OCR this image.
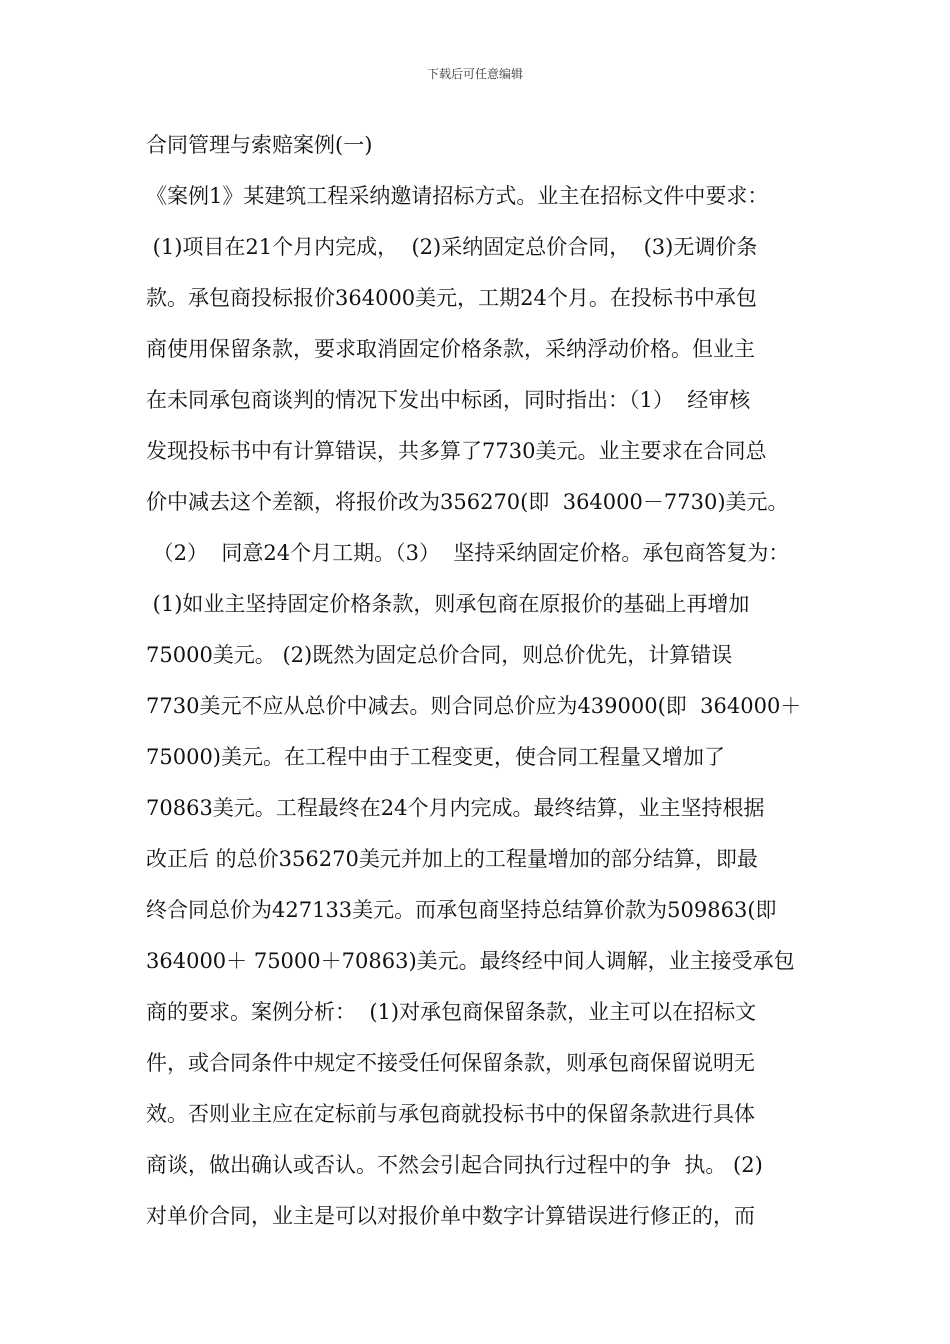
下载后可任意编辑
合同管理与索赔案例(一)
《案例1》某建筑工程采纳邀请招标方式。业主在招标文件中要求：
(1)项目在21个月内完成，  (2)采纳固定总价合同，  (3)无调价条
款。承包商投标报价364000美元，工期24个月。在投标书中承包
商使用保留条款，要求取消固定价格条款，采纳浮动价格。但业主
在未同承包商谈判的情况下发出中标函，同时指出：（1）  经审核
发现投标书中有计算错误，共多算了7730美元。业主要求在合同总
价中减去这个差额，将报价改为356270(即  364000－7730)美元。
（2）  同意24个月工期。（3）  坚持采纳固定价格。承包商答复为：
(1)如业主坚持固定价格条款，则承包商在原报价的基础上再增加
75000美元。 (2)既然为固定总价合同，则总价优先，计算错误
7730美元不应从总价中减去。则合同总价应为439000(即  364000＋
75000)美元。在工程中由于工程变更，使合同工程量又增加了
70863美元。工程最终在24个月内完成。最终结算，业主坚持根据
改正后 的总价356270美元并加上的工程量增加的部分结算，即最
终合同总价为427133美元。而承包商坚持总结算价款为509863(即
364000＋ 75000＋70863)美元。最终经中间人调解，业主接受承包
商的要求。案例分析：  (1)对承包商保留条款，业主可以在招标文
件，或合同条件中规定不接受任何保留条款，则承包商保留说明无
效。否则业主应在定标前与承包商就投标书中的保留条款进行具体
商谈，做出确认或否认。不然会引起合同执行过程中的争  执。 (2)
对单价合同，业主是可以对报价单中数字计算错误进行修正的，而
